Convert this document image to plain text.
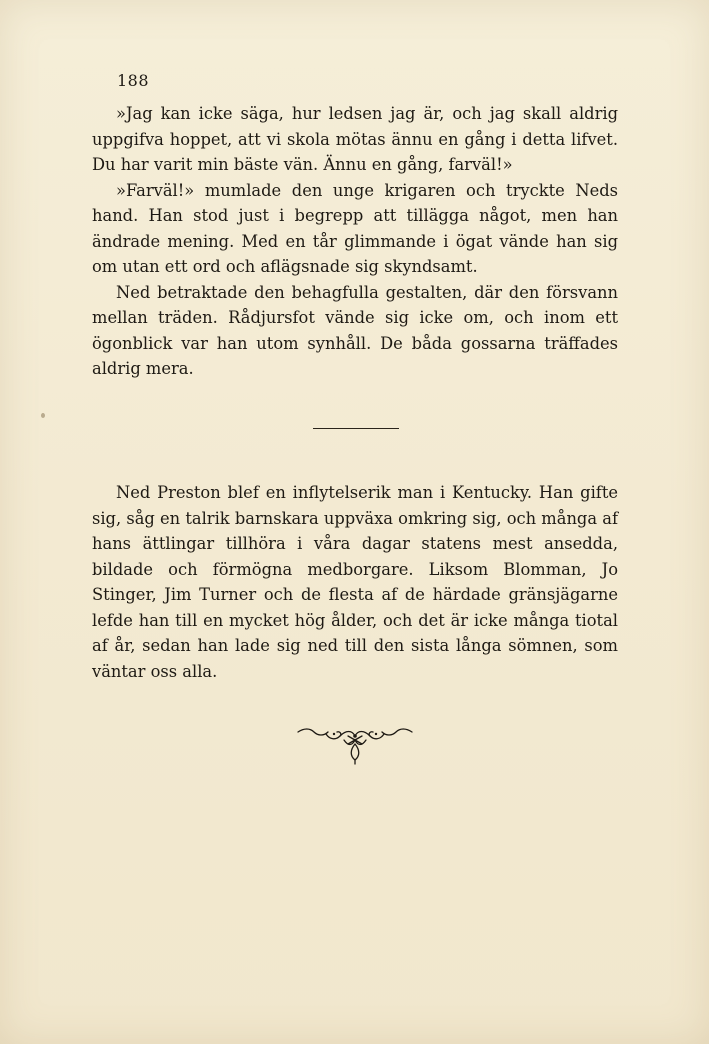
188

»Jag kan icke säga, hur ledsen jag är, och jag skall aldrig uppgifva hoppet, att vi skola mötas ännu en gång i detta lifvet. Du har varit min bäste vän. Ännu en gång, farväl!»

»Farväl!» mumlade den unge krigaren och tryckte Neds hand. Han stod just i begrepp att tillägga något, men han ändrade mening. Med en tår glimmande i ögat vände han sig om utan ett ord och aflägsnade sig skyndsamt.

Ned betraktade den behagfulla gestalten, där den försvann mellan träden. Rådjursfot vände sig icke om, och inom ett ögonblick var han utom synhåll. De båda gossarna träffades aldrig mera.

Ned Preston blef en inflytelserik man i Kentucky. Han gifte sig, såg en talrik barnskara uppväxa omkring sig, och många af hans ättlingar tillhöra i våra dagar statens mest ansedda, bildade och förmögna medborgare. Liksom Blomman, Jo Stinger, Jim Turner och de flesta af de härdade gränsjägarne lefde han till en mycket hög ålder, och det är icke många tiotal af år, sedan han lade sig ned till den sista långa sömnen, som väntar oss alla.
